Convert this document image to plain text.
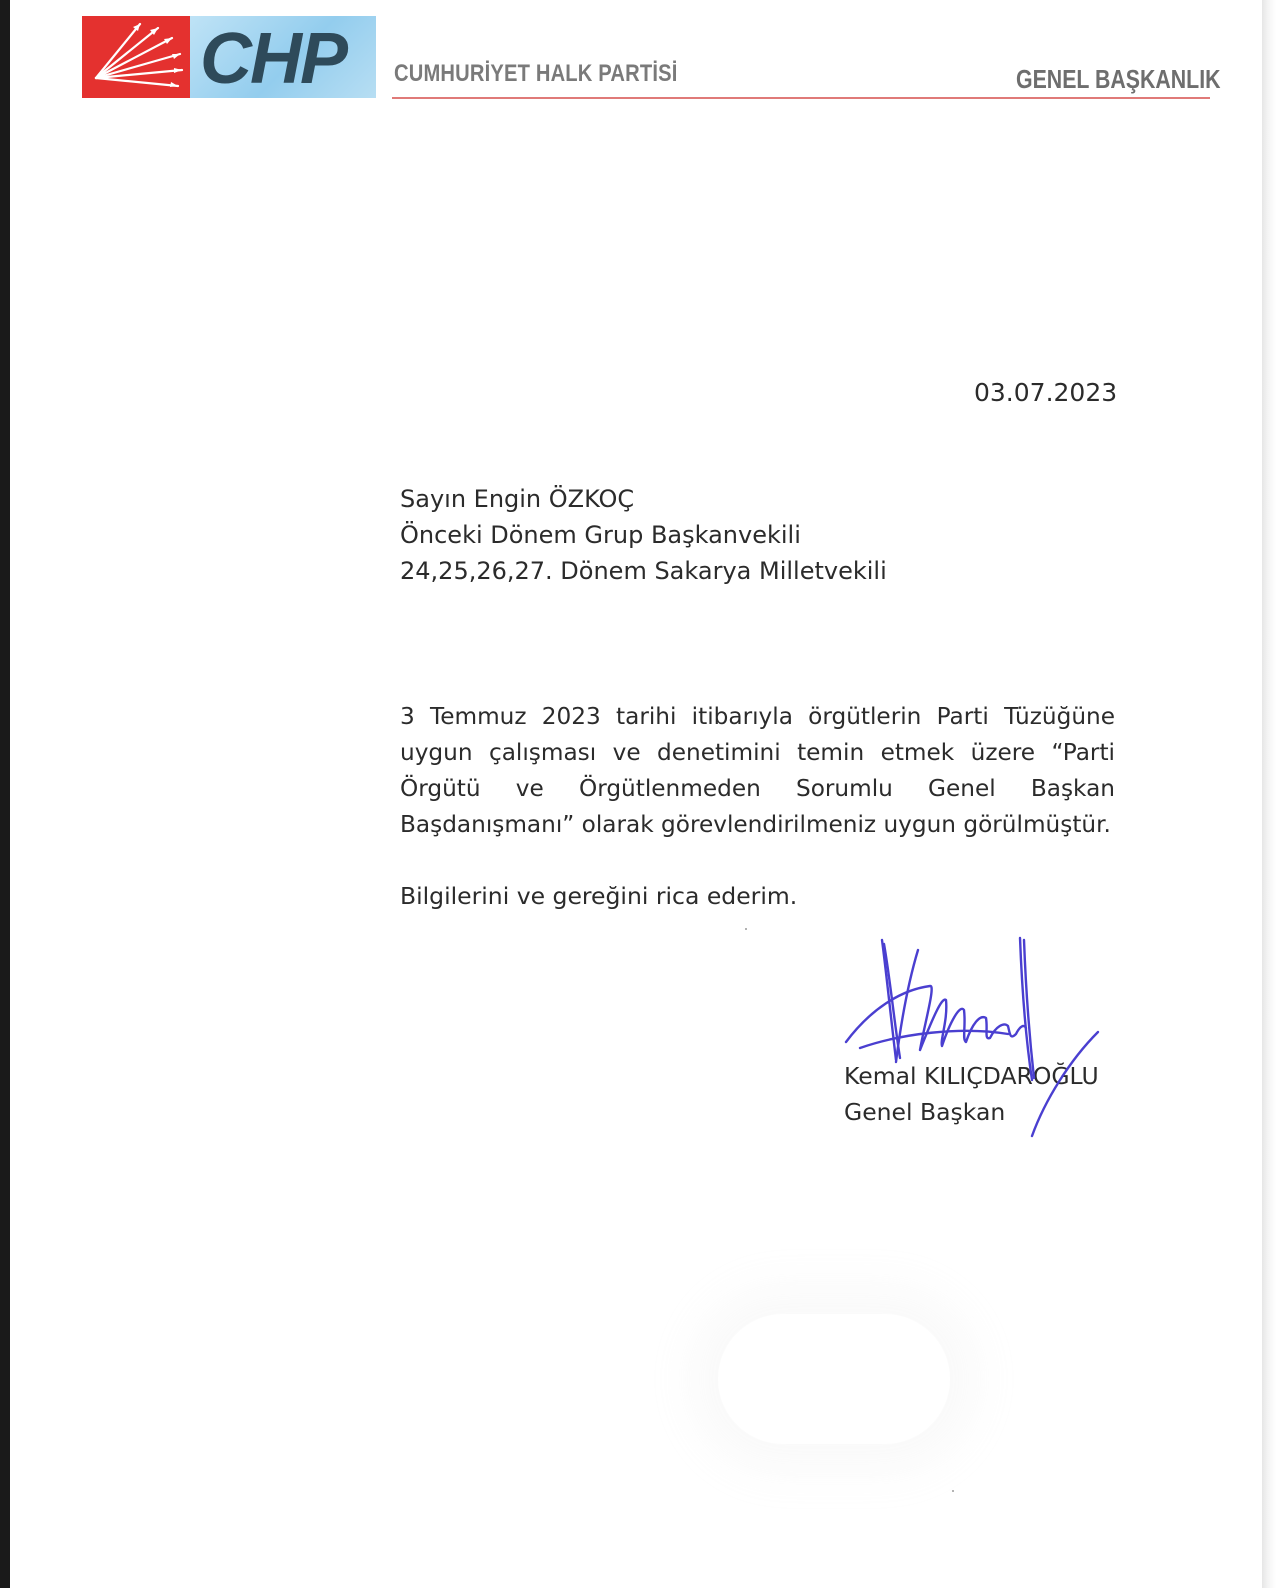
CHP CUMHURİYET HALK PARTİSİ	GENEL BAŞKANLIK
03.07.2023
Sayın Engin ÖZKOÇ
Önceki Dönem Grup Başkanvekili
24,25,26,27. Dönem Sakarya Milletvekili
3 Temmuz 2023 tarihi itibarıyla örgütlerin Parti Tüzüğüne uygun çalışması ve denetimini temin etmek üzere “Parti Örgütü ve Örgütlenmeden Sorumlu Genel Başkan Başdanışmanı” olarak görevlendirilmeniz uygun görülmüştür.
Bilgilerini ve gereğini rica ederim.
Kemal KILIÇDAROĞLU
Genel Başkan
